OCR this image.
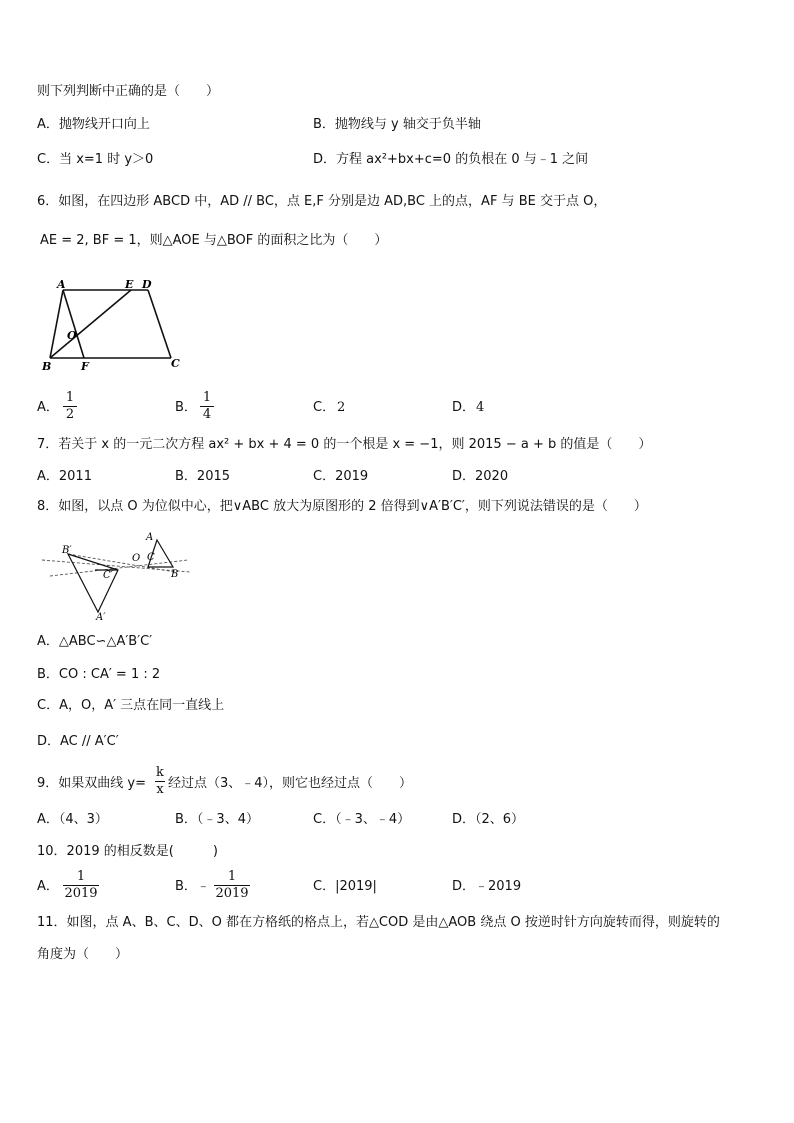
则下列判断中正确的是（　　）
A．抛物线开口向上	B．抛物线与 y 轴交于负半轴
C．当 x=1 时 y＞0	D．方程 ax²+bx+c=0 的负根在 0 与﹣1 之间
6．如图，在四边形 ABCD 中，AD // BC，点 E,F 分别是边 AD,BC 上的点，AF 与 BE 交于点 O，
AE = 2, BF = 1，则△AOE 与△BOF 的面积之比为（　　）
A	E D
O
B	F	C
A． $\frac{1}{2}$	B． $\frac{1}{4}$	C． 2	D． 4
7．若关于 x 的一元二次方程 ax² + bx + 4 = 0 的一个根是 x = −1，则 2015 − a + b 的值是（　　）
A．2011	B．2015	C．2019	D．2020
8．如图，以点 O 为位似中心，把∨ABC 放大为原图形的 2 倍得到∨A′B′C′，则下列说法错误的是（　　）
B′
O
A
C
B
C′
A′
A．△ABC∽△A′B′C′
B．CO : CA′ = 1 : 2
C．A，O，A′ 三点在同一直线上
D．AC // A′C′
9．如果双曲线 $y= \frac{k}{x}$ 经过点（3、﹣4），则它也经过点（　　）
A．（4、3）	B．（﹣3、4）	C．（﹣3、﹣4）	D．（2、6）
10．2019 的相反数是(　　　)
A． $\frac{1}{2019}$	B．﹣ $\frac{1}{2019}$	C．|2019|	D．﹣2019
11．如图，点 A、B、C、D、O 都在方格纸的格点上，若△COD 是由△AOB 绕点 O 按逆时针方向旋转而得，则旋转的
角度为（　　）
